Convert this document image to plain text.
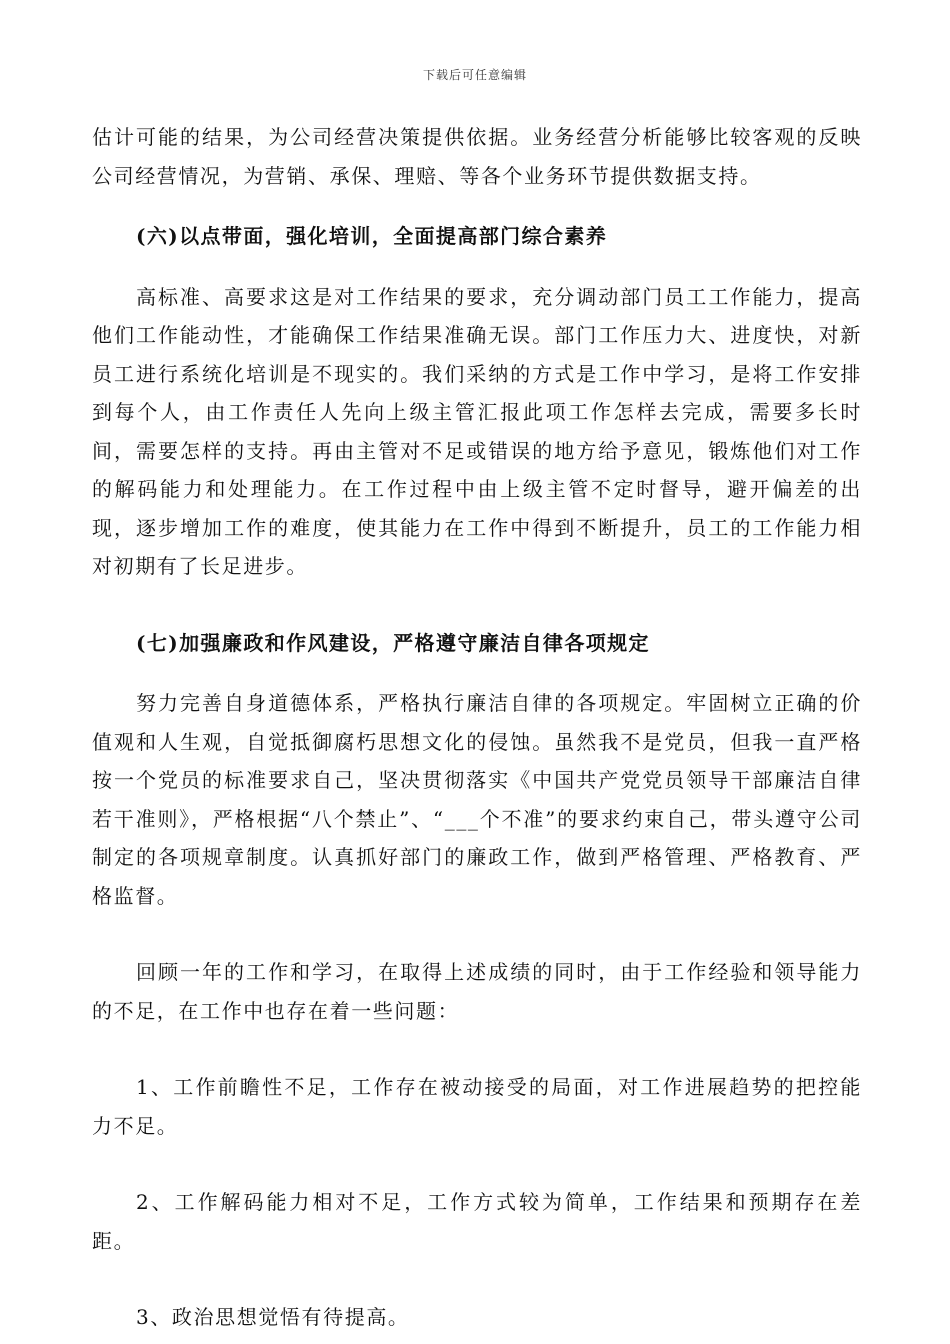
下载后可任意编辑

估计可能的结果，为公司经营决策提供依据。业务经营分析能够比较客观的反映公司经营情况，为营销、承保、理赔、等各个业务环节提供数据支持。

(六)以点带面，强化培训，全面提高部门综合素养

高标准、高要求这是对工作结果的要求，充分调动部门员工工作能力，提高他们工作能动性，才能确保工作结果准确无误。部门工作压力大、进度快，对新员工进行系统化培训是不现实的。我们采纳的方式是工作中学习，是将工作安排到每个人，由工作责任人先向上级主管汇报此项工作怎样去完成，需要多长时间，需要怎样的支持。再由主管对不足或错误的地方给予意见，锻炼他们对工作的解码能力和处理能力。在工作过程中由上级主管不定时督导，避开偏差的出现，逐步增加工作的难度，使其能力在工作中得到不断提升，员工的工作能力相对初期有了长足进步。

(七)加强廉政和作风建设，严格遵守廉洁自律各项规定

努力完善自身道德体系，严格执行廉洁自律的各项规定。牢固树立正确的价值观和人生观，自觉抵御腐朽思想文化的侵蚀。虽然我不是党员，但我一直严格按一个党员的标准要求自己，坚决贯彻落实《中国共产党党员领导干部廉洁自律若干准则》，严格根据“八个禁止”、“___个不准”的要求约束自己，带头遵守公司制定的各项规章制度。认真抓好部门的廉政工作，做到严格管理、严格教育、严格监督。

回顾一年的工作和学习，在取得上述成绩的同时，由于工作经验和领导能力的不足，在工作中也存在着一些问题：

1、工作前瞻性不足，工作存在被动接受的局面，对工作进展趋势的把控能力不足。

2、工作解码能力相对不足，工作方式较为简单，工作结果和预期存在差距。

3、政治思想觉悟有待提高。
